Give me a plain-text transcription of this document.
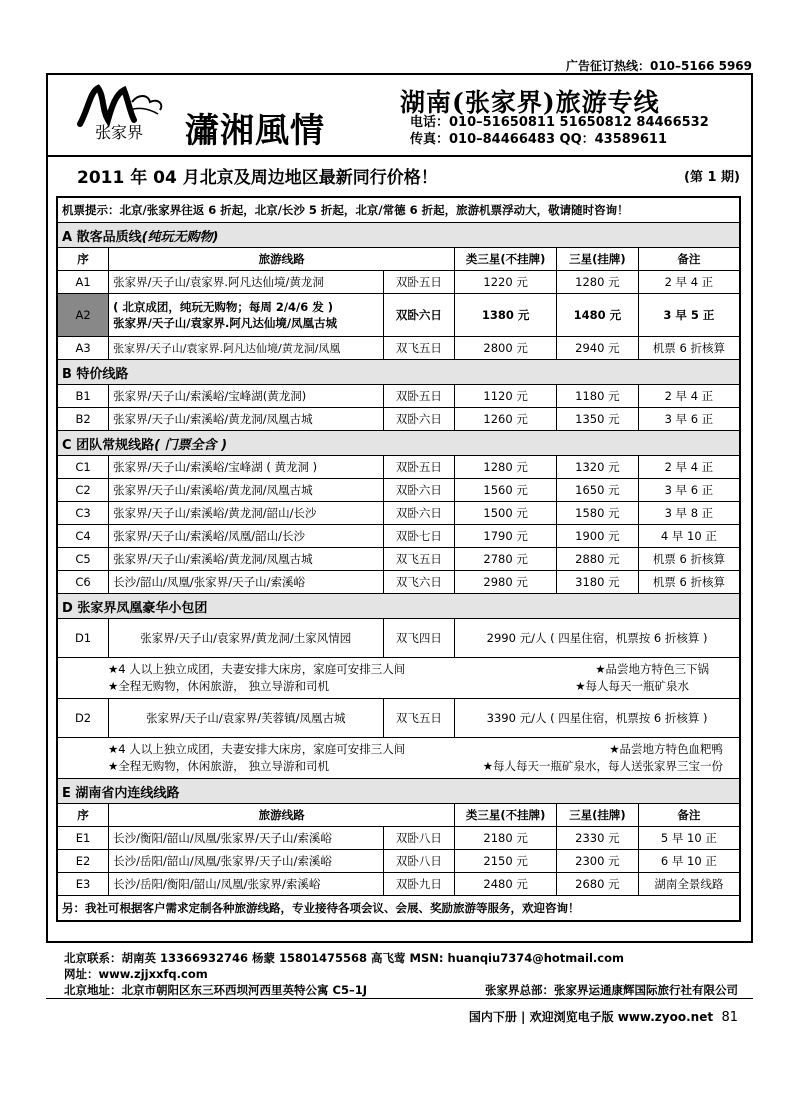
广告征订热线：010–5166 5969
张家界 瀟湘風情
湖南(张家界)旅游专线
电话：010–51650811 51650812 84466532
传真：010–84466483 QQ：43589611
2011 年 04 月北京及周边地区最新同行价格！	(第 1 期)
机票提示：北京/张家界往返 6 折起，北京/长沙 5 折起，北京/常德 6 折起，旅游机票浮动大，敬请随时咨询！					
A 散客品质线(纯玩无购物)					
序	旅游线路		类三星(不挂牌)	三星(挂牌)	备注
A1	张家界/天子山/袁家界.阿凡达仙境/黄龙洞	双卧五日	1220 元	1280 元	2 早 4 正
A2	( 北京成团，纯玩无购物；每周 2/4/6 发 )
张家界/天子山/袁家界.阿凡达仙境/凤凰古城	双卧六日	1380 元	1480 元	3 早 5 正
A3	张家界/天子山/袁家界.阿凡达仙境/黄龙洞/凤凰	双飞五日	2800 元	2940 元	机票 6 折核算
B 特价线路					
B1	张家界/天子山/索溪峪/宝峰湖(黄龙洞)	双卧五日	1120 元	1180 元	2 早 4 正
B2	张家界/天子山/索溪峪/黄龙洞/凤凰古城	双卧六日	1260 元	1350 元	3 早 6 正
C 团队常规线路( 门票全含 )					
C1	张家界/天子山/索溪峪/宝峰湖 ( 黄龙洞 )	双卧五日	1280 元	1320 元	2 早 4 正
C2	张家界/天子山/索溪峪/黄龙洞/凤凰古城	双卧六日	1560 元	1650 元	3 早 6 正
C3	张家界/天子山/索溪峪/黄龙洞/韶山/长沙	双卧六日	1500 元	1580 元	3 早 8 正
C4	张家界/天子山/索溪峪/凤凰/韶山/长沙	双卧七日	1790 元	1900 元	4 早 10 正
C5	张家界/天子山/索溪峪/黄龙洞/凤凰古城	双飞五日	2780 元	2880 元	机票 6 折核算
C6	长沙/韶山/凤凰/张家界/天子山/索溪峪	双飞六日	2980 元	3180 元	机票 6 折核算
D 张家界凤凰豪华小包团					
D1	张家界/天子山/袁家界/黄龙洞/土家风情园	双飞四日	2990 元/人 ( 四星住宿，机票按 6 折核算 )		

★4 人以上独立成团，夫妻安排大床房，家庭可安排三人间 ★品尝地方特色三下锅
★全程无购物，休闲旅游， 独立导游和司机 ★每人每天一瓶矿泉水					

D2	张家界/天子山/袁家界/芙蓉镇/凤凰古城	双飞五日	3390 元/人 ( 四星住宿，机票按 6 折核算 )		

★4 人以上独立成团，夫妻安排大床房，家庭可安排三人间 ★品尝地方特色血粑鸭
★全程无购物，休闲旅游， 独立导游和司机 ★每人每天一瓶矿泉水，每人送张家界三宝一份					

E 湖南省内连线线路					
序	旅游线路		类三星(不挂牌)	三星(挂牌)	备注
E1	长沙/衡阳/韶山/凤凰/张家界/天子山/索溪峪	双卧八日	2180 元	2330 元	5 早 10 正
E2	长沙/岳阳/韶山/凤凰/张家界/天子山/索溪峪	双卧八日	2150 元	2300 元	6 早 10 正
E3	长沙/岳阳/衡阳/韶山/凤凰/张家界/索溪峪	双卧九日	2480 元	2680 元	湖南全景线路
另：我社可根据客户需求定制各种旅游线路，专业接待各项会议、会展、奖励旅游等服务，欢迎咨询！					
北京联系：胡南英 13366932746 杨蒙 15801475568 高飞莺 MSN: huanqiu7374@hotmail.com
网址：www.zjjxxfq.com
北京地址：北京市朝阳区东三环西坝河西里英特公寓 C5–1J	张家界总部：张家界运通康辉国际旅行社有限公司
国内下册 | 欢迎浏览电子版 www.zyoo.net 81
